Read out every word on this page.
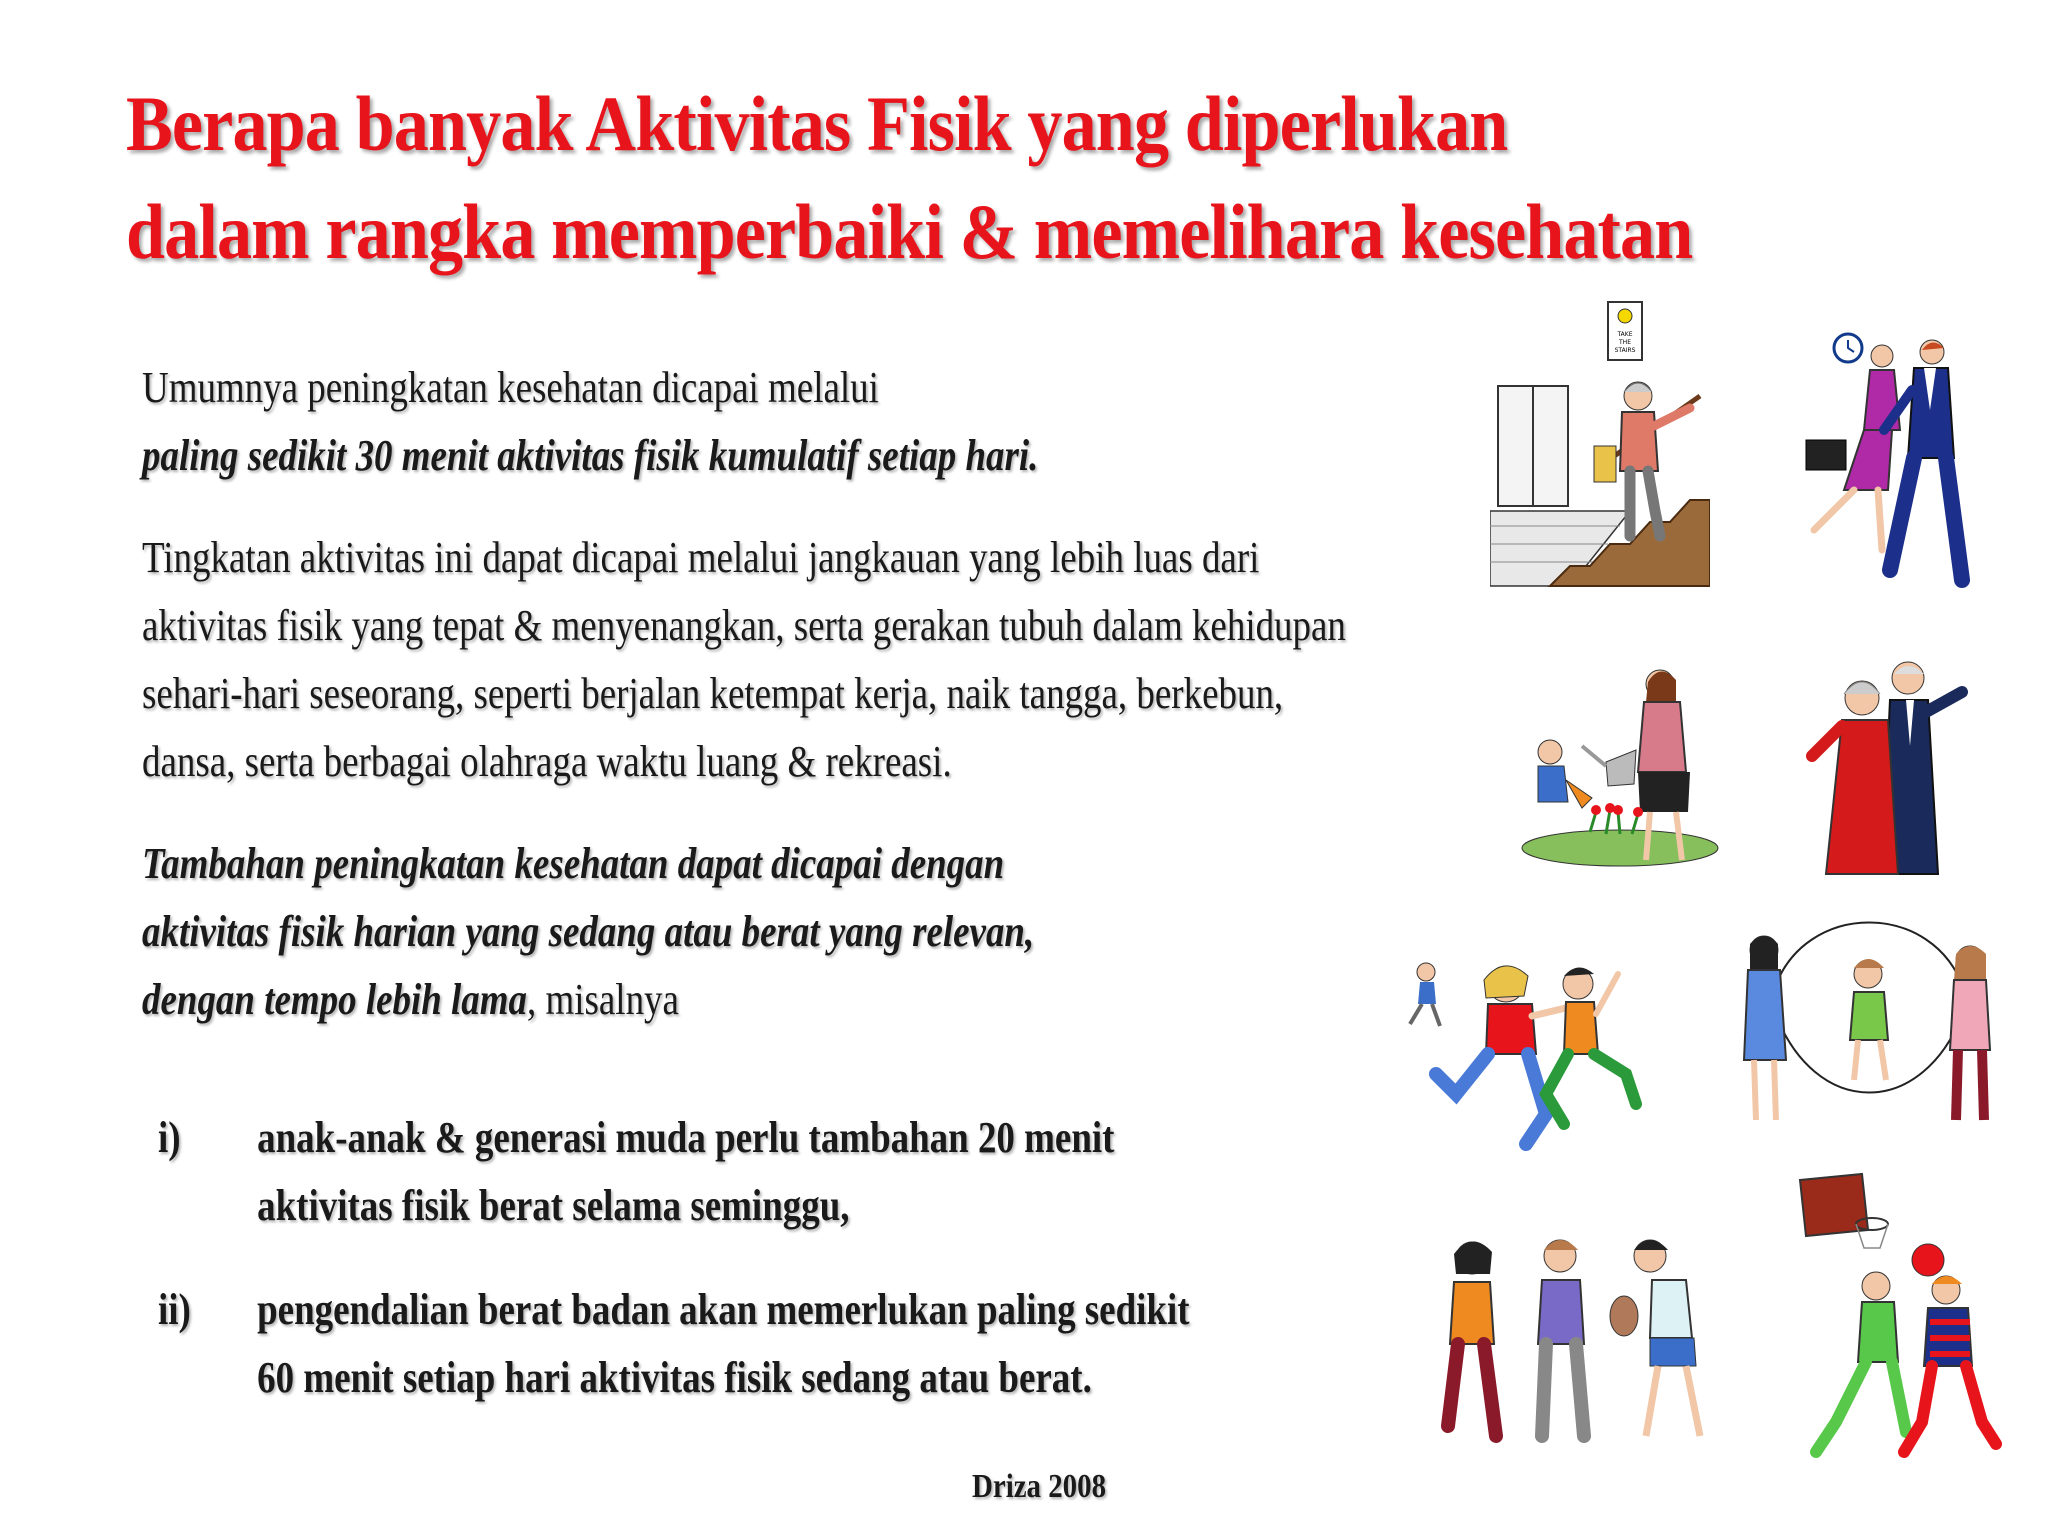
Berapa banyak Aktivitas Fisik yang diperlukan
dalam rangka memperbaiki & memelihara kesehatan
Umumnya peningkatan kesehatan dicapai melalui
paling sedikit 30 menit aktivitas fisik kumulatif setiap hari.
Tingkatan aktivitas ini dapat dicapai melalui jangkauan yang lebih luas dari
aktivitas fisik yang tepat & menyenangkan, serta gerakan tubuh dalam kehidupan
sehari-hari seseorang, seperti berjalan ketempat kerja, naik tangga, berkebun,
dansa, serta berbagai olahraga waktu luang & rekreasi.
Tambahan peningkatan kesehatan dapat dicapai dengan
aktivitas fisik harian yang sedang atau berat yang relevan,
dengan tempo lebih lama, misalnya
i) anak-anak & generasi muda perlu tambahan 20 menit
aktivitas fisik berat selama seminggu,
ii) pengendalian berat badan akan memerlukan paling sedikit
60 menit setiap hari aktivitas fisik sedang atau berat.
Driza 2008
TAKE
THE
STAIRS
